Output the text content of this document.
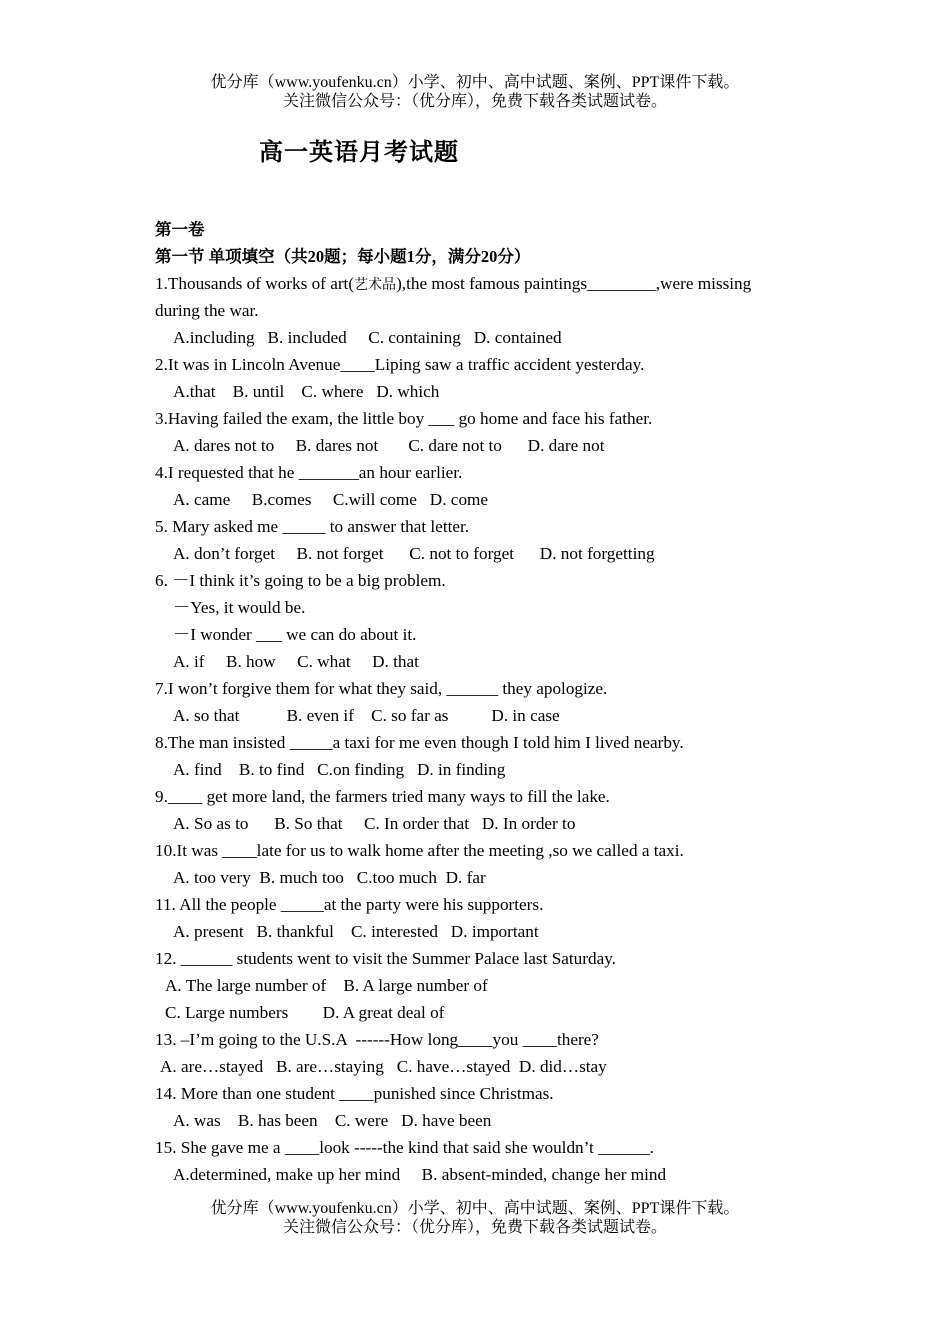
优分库（www.youfenku.cn）小学、初中、高中试题、案例、PPT课件下载。
关注微信公众号：（优分库），免费下载各类试题试卷。
高一英语月考试题
第一卷
第一节 单项填空（共20题；每小题1分，满分20分）
1.Thousands of works of art(艺术品),the most famous paintings________,were missing
during the war.
A.including   B. included     C. containing   D. contained
2.It was in Lincoln Avenue____Liping saw a traffic accident yesterday.
A.that    B. until    C. where   D. which
3.Having failed the exam, the little boy ___ go home and face his father.
A. dares not to     B. dares not       C. dare not to      D. dare not
4.I requested that he _______an hour earlier.
A. came     B.comes     C.will come   D. come
5. Mary asked me _____ to answer that letter.
A. don’t forget     B. not forget      C. not to forget      D. not forgetting
6. －I think it’s going to be a big problem.
－Yes, it would be.
－I wonder ___ we can do about it.
A. if     B. how     C. what     D. that
7.I won’t forgive them for what they said, ______ they apologize.
A. so that           B. even if    C. so far as          D. in case
8.The man insisted _____a taxi for me even though I told him I lived nearby.
A. find    B. to find   C.on finding   D. in finding
9.____ get more land, the farmers tried many ways to fill the lake.
A. So as to      B. So that     C. In order that   D. In order to
10.It was ____late for us to walk home after the meeting ,so we called a taxi.
A. too very  B. much too   C.too much  D. far
11. All the people _____at the party were his supporters.
A. present   B. thankful    C. interested   D. important
12. ______ students went to visit the Summer Palace last Saturday.
A. The large number of    B. A large number of
C. Large numbers        D. A great deal of
13. –I’m going to the U.S.A  ------How long____you ____there?
A. are…stayed   B. are…staying   C. have…stayed  D. did…stay
14. More than one student ____punished since Christmas.
A. was    B. has been    C. were   D. have been
15. She gave me a ____look -----the kind that said she wouldn’t ______.
A.determined, make up her mind     B. absent-minded, change her mind
优分库（www.youfenku.cn）小学、初中、高中试题、案例、PPT课件下载。
关注微信公众号：（优分库），免费下载各类试题试卷。
